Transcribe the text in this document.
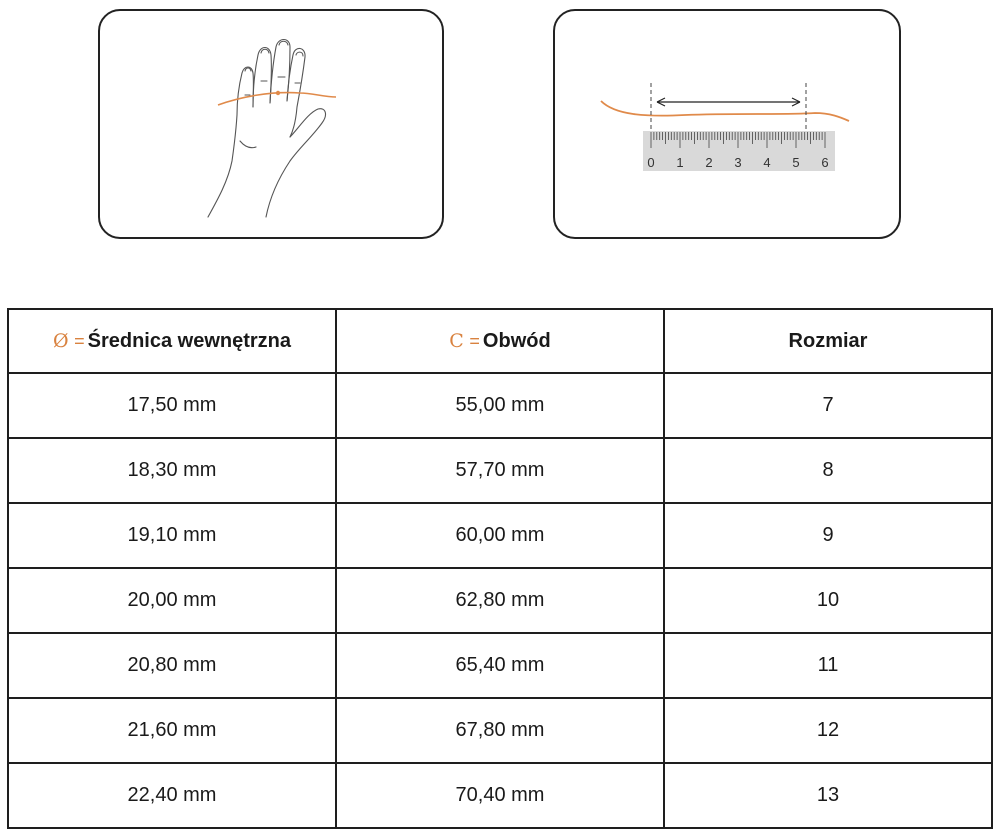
0 1 2 3 4 5 6
Ø = Średnica wewnętrzna	C = Obwód	Rozmiar
17,50 mm	55,00 mm	7
18,30 mm	57,70 mm	8
19,10 mm	60,00 mm	9
20,00 mm	62,80 mm	10
20,80 mm	65,40 mm	11
21,60 mm	67,80 mm	12
22,40 mm	70,40 mm	13
